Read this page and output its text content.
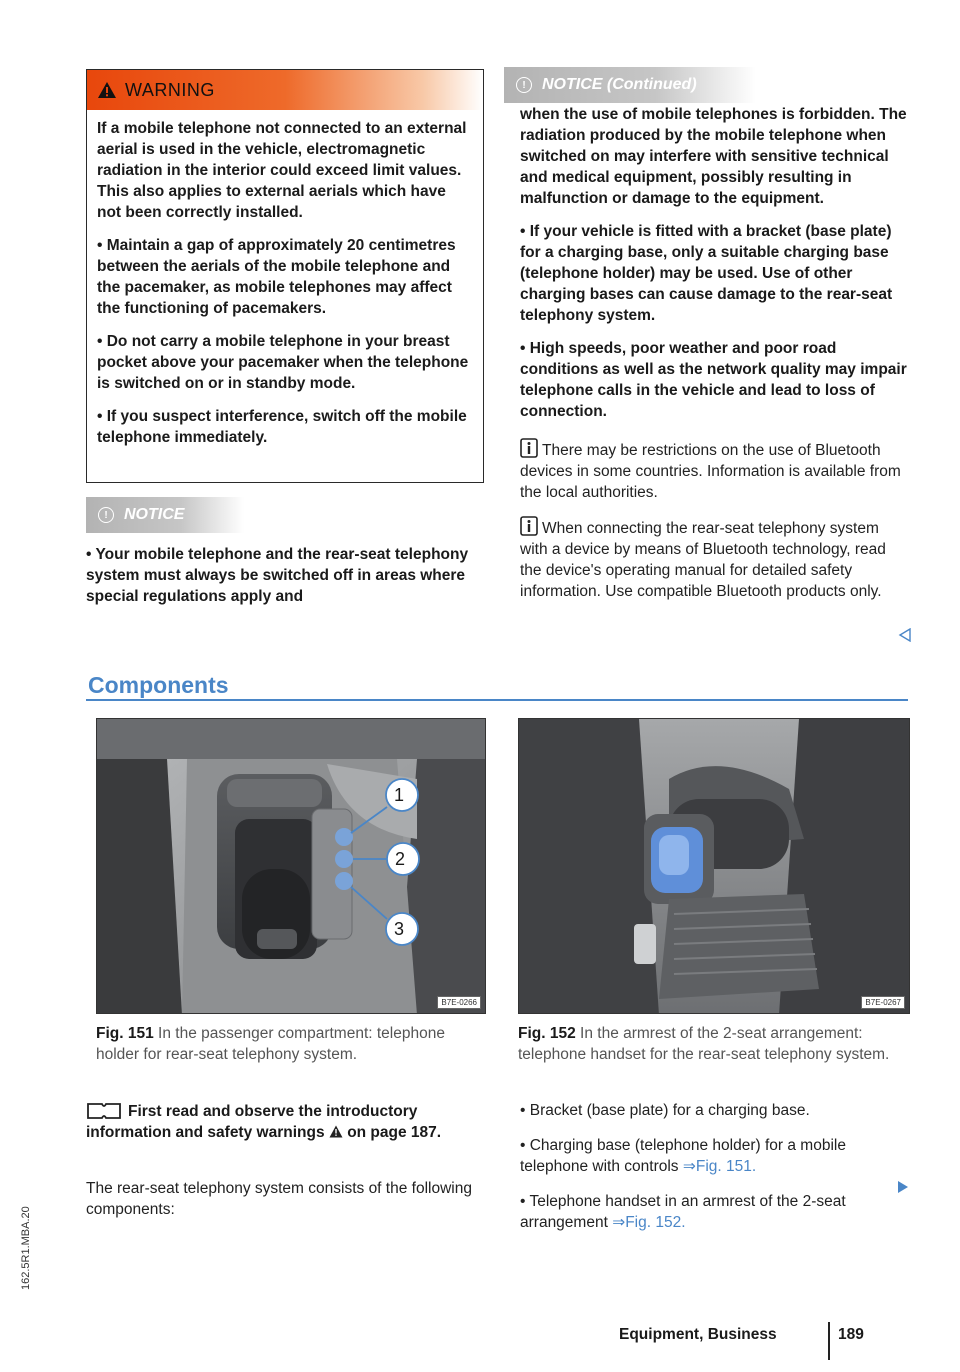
WARNING

If a mobile telephone not connected to an external aerial is used in the vehicle, electromagnetic radiation in the interior could exceed limit values. This also applies to external aerials which have not been correctly installed.

• Maintain a gap of approximately 20 centimetres between the aerials of the mobile telephone and the pacemaker, as mobile telephones may affect the functioning of pacemakers.

• Do not carry a mobile telephone in your breast pocket above your pacemaker when the telephone is switched on or in standby mode.

• If you suspect interference, switch off the mobile telephone immediately.

!	NOTICE

• Your mobile telephone and the rear-seat telephony system must always be switched off in areas where special regulations apply and

!	NOTICE (Continued)

when the use of mobile telephones is forbidden. The radiation produced by the mobile telephone when switched on may interfere with sensitive technical and medical equipment, possibly resulting in malfunction or damage to the equipment.

• If your vehicle is fitted with a bracket (base plate) for a charging base, only a suitable charging base (telephone holder) may be used. Use of other charging bases can cause damage to the rear-seat telephony system.

• High speeds, poor weather and poor road conditions as well as the network quality may impair telephone calls in the vehicle and lead to loss of connection.

There may be restrictions on the use of Bluetooth devices in some countries. Information is available from the local authorities.
When connecting the rear-seat telephony system with a device by means of Bluetooth technology, read the device's operating manual for detailed safety information. Use compatible Bluetooth products only.
Components
1
2
3
B7E-0266
Fig. 151 In the passenger compartment: telephone holder for rear-seat telephony system.
B7E-0267
Fig. 152 In the armrest of the 2-seat arrangement: telephone handset for the rear-seat telephony system.
First read and observe the introductory information and safety warnings on page 187.

The rear-seat telephony system consists of the following components:

• Bracket (base plate) for a charging base.

• Charging base (telephone holder) for a mobile telephone with controls ⇒Fig. 151.

• Telephone handset in an armrest of the 2-seat arrangement ⇒Fig. 152.

Equipment, Business	189
162.5R1.MBA.20
